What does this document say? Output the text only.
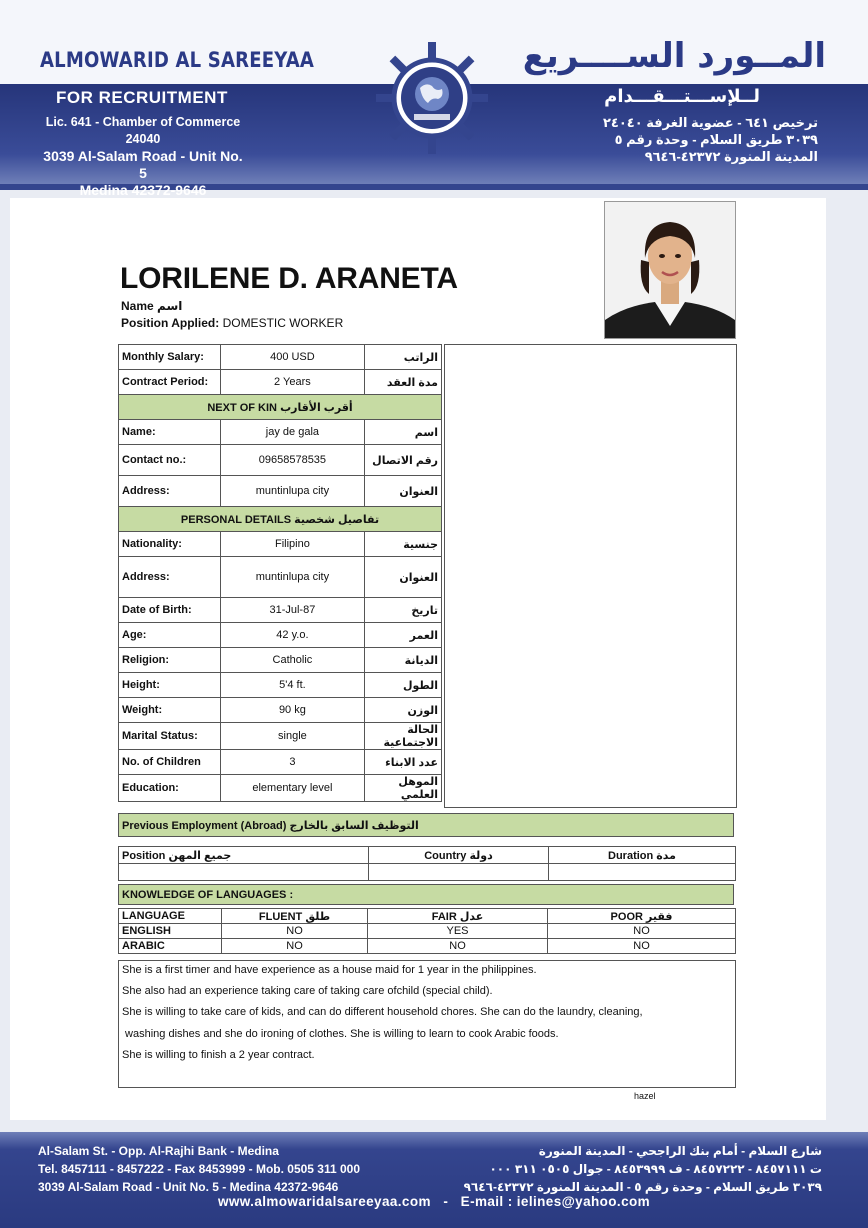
ALMOWARID AL SAREEYAA	المــورد الســــريع
FOR RECRUITMENT	لــلإســـتـــقـــدام
Lic. 641 - Chamber of Commerce 24040
3039 Al-Salam Road - Unit No. 5
Medina 42372-9646
ترخيص ٦٤١ - عضوية الغرفة ٢٤٠٤٠
٣٠٣٩ طريق السلام - وحدة رقم ٥
المدينة المنورة ٤٢٣٧٢-٩٦٤٦
LORILENE D. ARANETA
Name اسم
Position Applied: DOMESTIC WORKER
Monthly Salary:	400 USD	الراتب
Contract Period:	2 Years	مدة العقد
NEXT OF KIN أقرب الأقارب		
Name:	jay de gala	اسم
Contact no.:	09658578535	رقم الاتصال
Address:	muntinlupa city	العنوان
PERSONAL DETAILS تفاصيل شخصية		
Nationality:	Filipino	جنسية
Address:	muntinlupa city	العنوان
Date of Birth:	31-Jul-87	تاريخ
Age:	42 y.o.	العمر
Religion:	Catholic	الديانة
Height:	5'4 ft.	الطول
Weight:	90 kg	الوزن
Marital Status:	single	الحالة الاجتماعية
No. of Children	3	عدد الابناء
Education:	elementary level	الموهل العلمي
Previous Employment (Abroad) التوظيف السابق بالخارج
Position جميع المهن	Country دولة	Duration مدة

KNOWLEDGE OF LANGUAGES :
LANGUAGE	FLUENT طلق	FAIR عدل	POOR فقير
ENGLISH	NO	YES	NO
ARABIC	NO	NO	NO
She is a first timer and have experience as a house maid for 1 year in the philippines.
She also had an experience taking care of taking care ofchild (special child).
She is willing to take care of kids, and can do different household chores. She can do the laundry, cleaning,
washing dishes and she do ironing of clothes. She is willing to learn to cook Arabic foods.
She is willing to finish a 2 year contract.
hazel
Al-Salam St. - Opp. Al-Rajhi Bank - Medina
Tel. 8457111 - 8457222 - Fax 8453999 - Mob. 0505 311 000
3039 Al-Salam Road - Unit No. 5 - Medina 42372-9646
شارع السلام - أمام بنك الراجحي - المدينة المنورة
ت ٨٤٥٧١١١ - ٨٤٥٧٢٢٢ - ف ٨٤٥٣٩٩٩ - جوال ٠٥٠٥ ٣١١ ٠٠٠
٣٠٣٩ طريق السلام - وحدة رقم ٥ - المدينة المنورة ٤٢٣٧٢-٩٦٤٦
www.almowaridalsareeyaa.com   -   E-mail : ielines@yahoo.com
